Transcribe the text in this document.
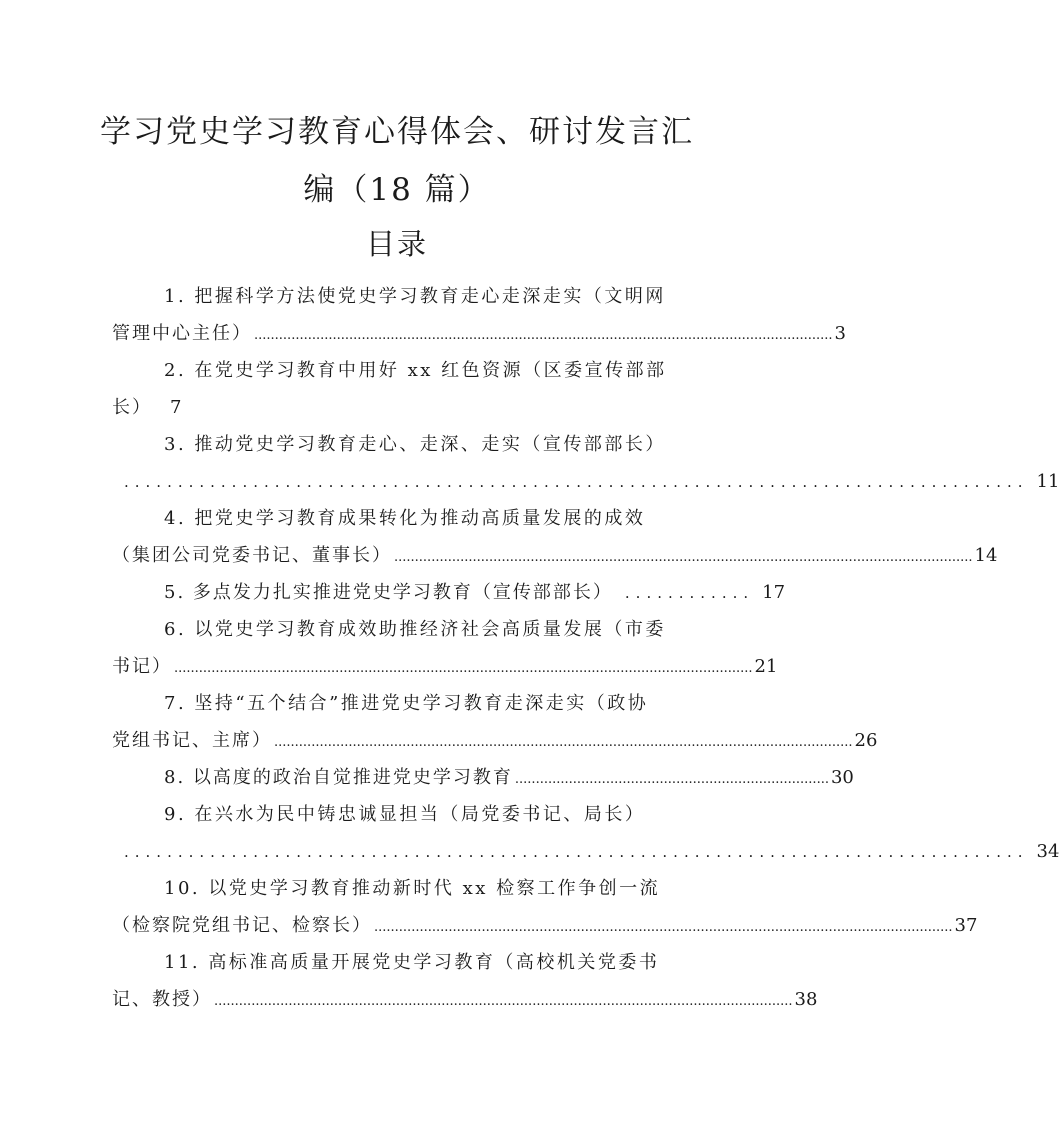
学习党史学习教育心得体会、研讨发言汇
编（18 篇）
目录
1. 把握科学方法使党史学习教育走心走深走实（文明网
管理中心主任） ............................................................................................................................................ 3
2. 在党史学习教育中用好 xx 红色资源（区委宣传部部
长） 7
3. 推动党史学习教育走心、走深、走实（宣传部部长）
.................................................................................... 11
4. 把党史学习教育成果转化为推动高质量发展的成效
（集团公司党委书记、董事长） ............................................................................................................................................ 14
5. 多点发力扎实推进党史学习教育（宣传部部长） ............ 17
6. 以党史学习教育成效助推经济社会高质量发展（市委
书记） ............................................................................................................................................ 21
7. 坚持“五个结合”推进党史学习教育走深走实（政协
党组书记、主席） ............................................................................................................................................ 26
8. 以高度的政治自觉推进党史学习教育 ............................................................................ 30
9. 在兴水为民中铸忠诚显担当（局党委书记、局长）
.................................................................................... 34
10. 以党史学习教育推动新时代 xx 检察工作争创一流
（检察院党组书记、检察长） ............................................................................................................................................ 37
11. 高标准高质量开展党史学习教育（高校机关党委书
记、教授） ............................................................................................................................................ 38
